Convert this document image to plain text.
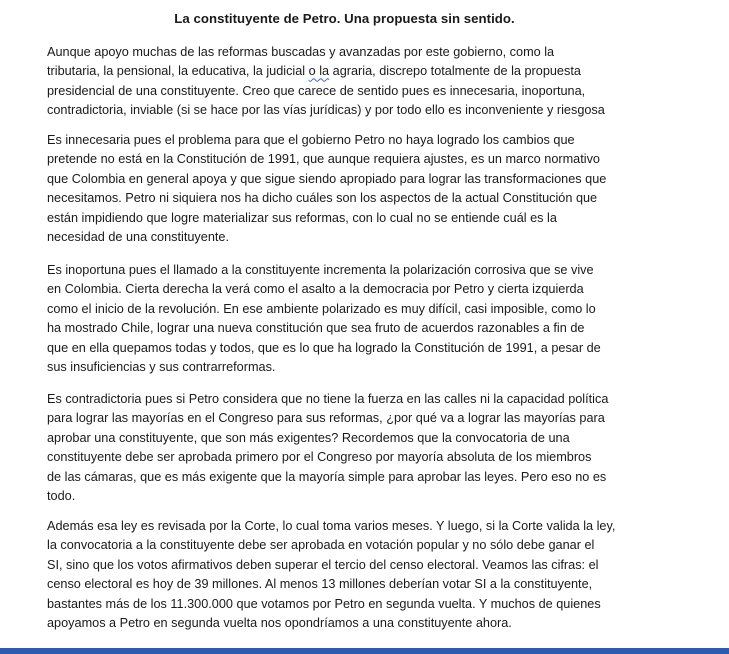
La constituyente de Petro. Una propuesta sin sentido.

Aunque apoyo muchas de las reformas buscadas y avanzadas por este gobierno, como la
tributaria, la pensional, la educativa, la judicial o la agraria, discrepo totalmente de la propuesta
presidencial de una constituyente. Creo que carece de sentido pues es innecesaria, inoportuna,
contradictoria, inviable (si se hace por las vías jurídicas) y por todo ello es inconveniente y riesgosa

Es innecesaria pues el problema para que el gobierno Petro no haya logrado los cambios que
pretende no está en la Constitución de 1991, que aunque requiera ajustes, es un marco normativo
que Colombia en general apoya y que sigue siendo apropiado para lograr las transformaciones que
necesitamos. Petro ni siquiera nos ha dicho cuáles son los aspectos de la actual Constitución que
están impidiendo que logre materializar sus reformas, con lo cual no se entiende cuál es la
necesidad de una constituyente.

Es inoportuna pues el llamado a la constituyente incrementa la polarización corrosiva que se vive
en Colombia. Cierta derecha la verá como el asalto a la democracia por Petro y cierta izquierda
como el inicio de la revolución. En ese ambiente polarizado es muy difícil, casi imposible, como lo
ha mostrado Chile, lograr una nueva constitución que sea fruto de acuerdos razonables a fin de
que en ella quepamos todas y todos, que es lo que ha logrado la Constitución de 1991, a pesar de
sus insuficiencias y sus contrarreformas.

Es contradictoria pues si Petro considera que no tiene la fuerza en las calles ni la capacidad política
para lograr las mayorías en el Congreso para sus reformas, ¿por qué va a lograr las mayorías para
aprobar una constituyente, que son más exigentes? Recordemos que la convocatoria de una
constituyente debe ser aprobada primero por el Congreso por mayoría absoluta de los miembros
de las cámaras, que es más exigente que la mayoría simple para aprobar las leyes. Pero eso no es
todo.

Además esa ley es revisada por la Corte, lo cual toma varios meses. Y luego, si la Corte valida la ley,
la convocatoria a la constituyente debe ser aprobada en votación popular y no sólo debe ganar el
SI, sino que los votos afirmativos deben superar el tercio del censo electoral. Veamos las cifras: el
censo electoral es hoy de 39 millones. Al menos 13 millones deberían votar SI a la constituyente,
bastantes más de los 11.300.000 que votamos por Petro en segunda vuelta. Y muchos de quienes
apoyamos a Petro en segunda vuelta nos opondríamos a una constituyente ahora.
